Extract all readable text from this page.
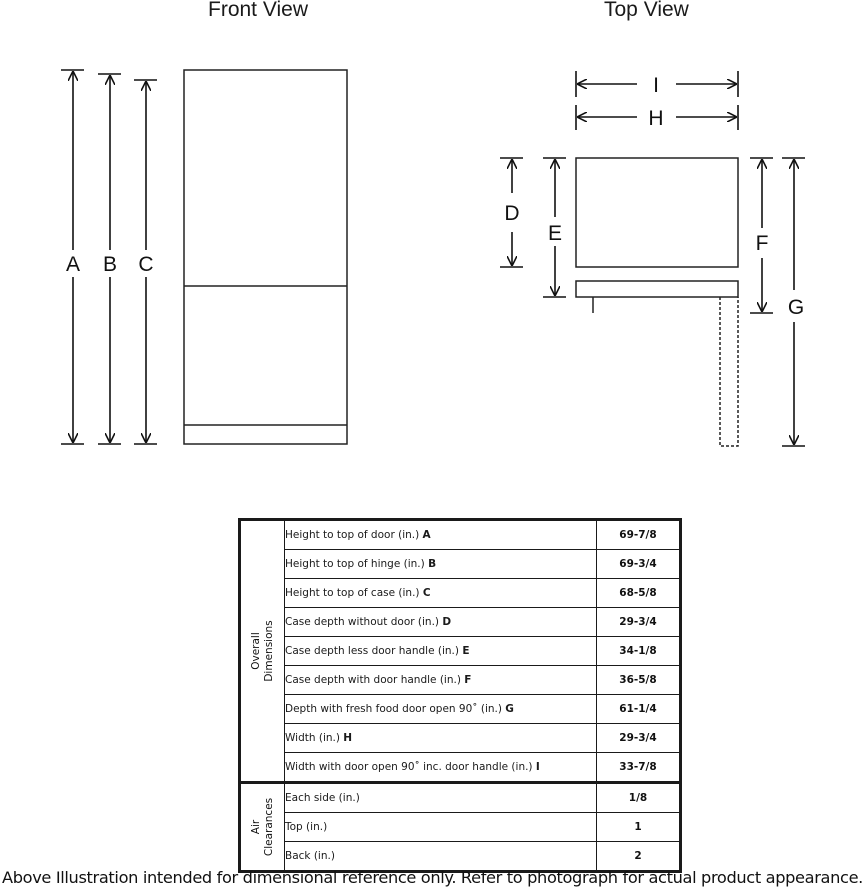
Front View	Top View
A B C
I
H
D
E	F
G
Overall Dimensions	Height to top of door (in.) A	69-7/8
	Height to top of hinge (in.) B	69-3/4
	Height to top of case (in.) C	68-5/8
	Case depth without door (in.) D	29-3/4
	Case depth less door handle (in.) E	34-1/8
	Case depth with door handle (in.) F	36-5/8
	Depth with fresh food door open 90˚ (in.) G	61-1/4
	Width (in.) H	29-3/4
	Width with door open 90˚ inc. door handle (in.) I	33-7/8

Air Clearances	Each side (in.)	1/8
	Top (in.)	1
	Back (in.)	2
Above Illustration intended for dimensional reference only. Refer to photograph for actual product appearance.
